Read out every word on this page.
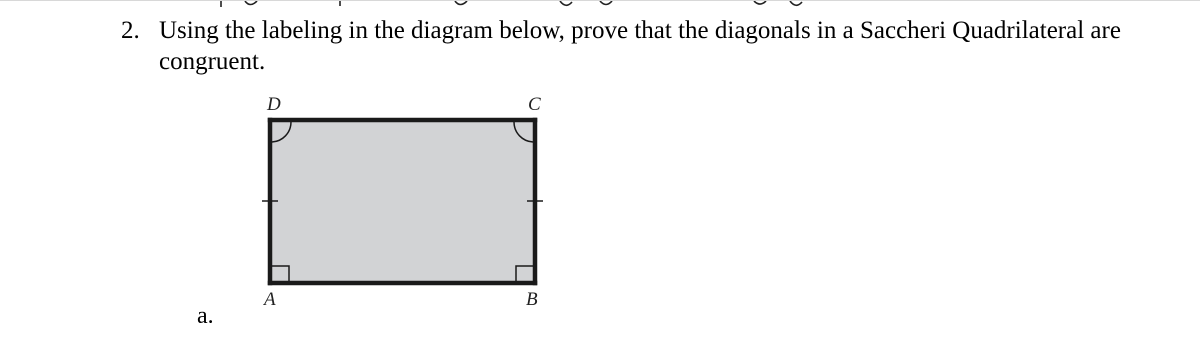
2. Using the labeling in the diagram below, prove that the diagonals in a Saccheri Quadrilateral are congruent.
D	C
A	B
a.
